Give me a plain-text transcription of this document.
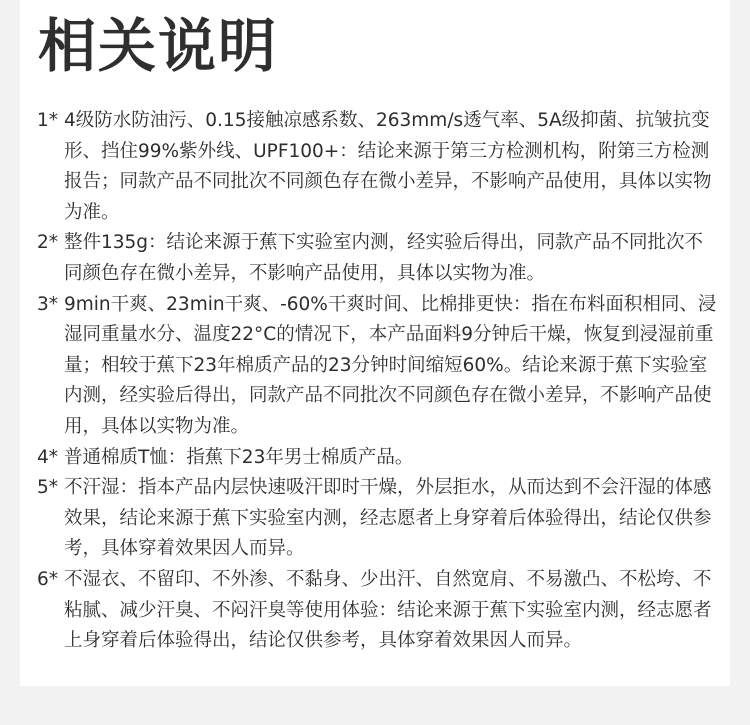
相关说明
1* 4级防水防油污、0.15接触凉感系数、263mm/s透气率、5A级抑菌、抗皱抗变形、挡住99%紫外线、UPF100+：结论来源于第三方检测机构，附第三方检测报告；同款产品不同批次不同颜色存在微小差异，不影响产品使用，具体以实物为准。
2* 整件135g：结论来源于蕉下实验室内测，经实验后得出，同款产品不同批次不同颜色存在微小差异，不影响产品使用，具体以实物为准。
3* 9min干爽、23min干爽、-60%干爽时间、比棉排更快：指在布料面积相同、浸湿同重量水分、温度22°C的情况下，本产品面料9分钟后干燥，恢复到浸湿前重量；相较于蕉下23年棉质产品的23分钟时间缩短60%。结论来源于蕉下实验室内测，经实验后得出，同款产品不同批次不同颜色存在微小差异，不影响产品使用，具体以实物为准。
4* 普通棉质T恤：指蕉下23年男士棉质产品。
5* 不汗湿：指本产品内层快速吸汗即时干燥，外层拒水，从而达到不会汗湿的体感效果，结论来源于蕉下实验室内测，经志愿者上身穿着后体验得出，结论仅供参考，具体穿着效果因人而异。
6* 不湿衣、不留印、不外渗、不黏身、少出汗、自然宽肩、不易激凸、不松垮、不粘腻、减少汗臭、不闷汗臭等使用体验：结论来源于蕉下实验室内测，经志愿者上身穿着后体验得出，结论仅供参考，具体穿着效果因人而异。
